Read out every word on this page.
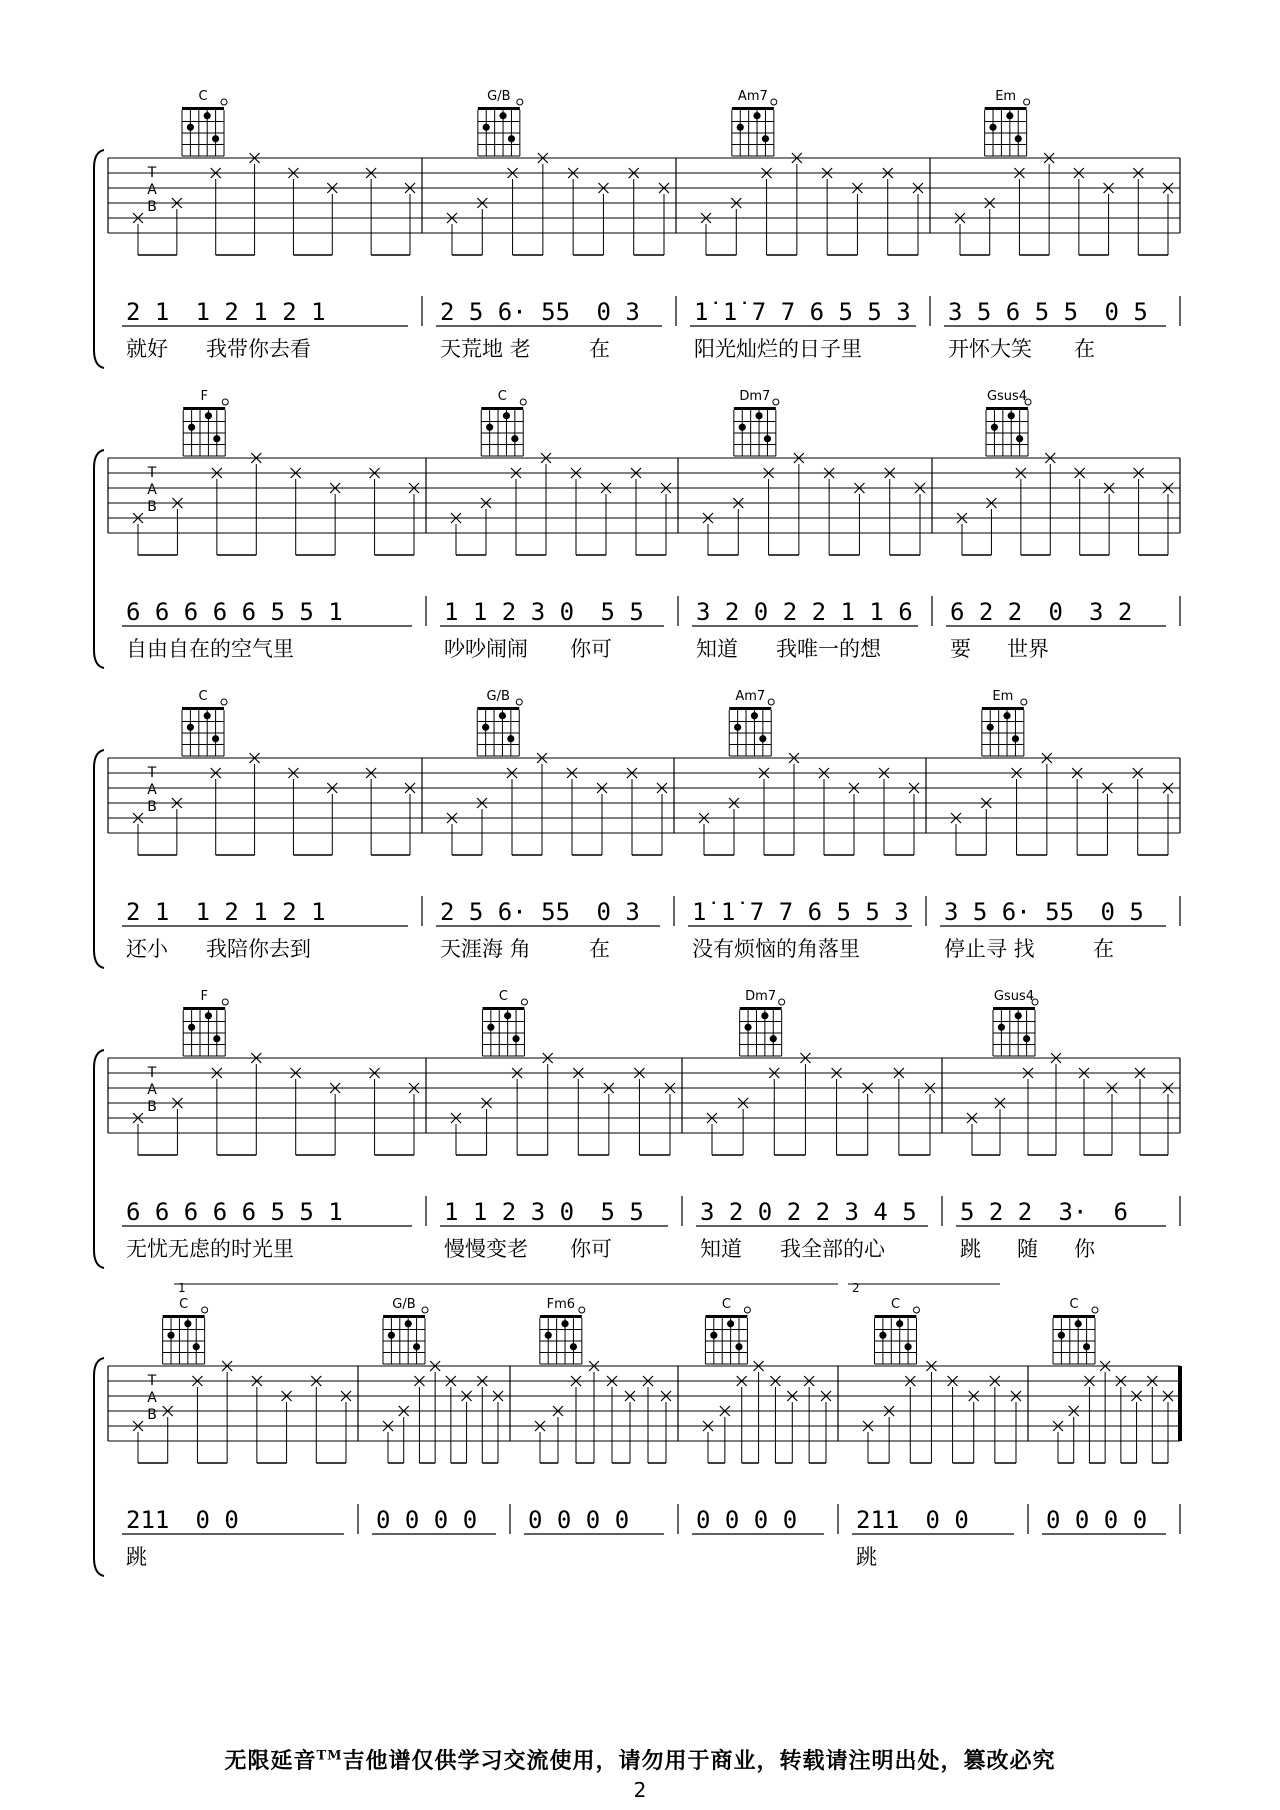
T
A
B
C
2 1 1 2 1 2 1
就好 我带你去看
G/B
2 5 6· 55 0 3
天荒地 老	在
Am7
1̇ 1̇ 7 7 6 5 5 3
阳光灿烂的日子里
Em
3 5 6 5 5 0 5
开怀大笑 在
T
A
B
F
6 6 6 6 6 5 5 1
自由自在的空气里
C
1 1 2 3 0 5 5
吵吵闹闹 你可
Dm7
3 2 0 2 2 1 1 6
知道 我唯一的想
Gsus4
6 2 2 0 3 2
要 世界
T
A
B
C
2 1 1 2 1 2 1
还小 我陪你去到
G/B
2 5 6· 55 0 3
天涯海 角	在
Am7
1̇ 1̇ 7 7 6 5 5 3
没有烦恼的角落里
Em
3 5 6· 55 0 5
停止寻 找	在
T
A
B
F
6 6 6 6 6 5 5 1
无忧无虑的时光里
C
1 1 2 3 0 5 5
慢慢变老 你可
Dm7
3 2 0 2 2 3 4 5
知道 我全部的心
Gsus4
5 2 2 3· 6
跳 随 你
T
A
B
C
211 0 0
跳
G/B
0 0 0 0
Fm6
0 0 0 0
C
0 0 0 0
C
211 0 0
跳
C
0 0 0 0
1	2
无限延音™吉他谱仅供学习交流使用，请勿用于商业，转载请注明出处，篡改必究
2
